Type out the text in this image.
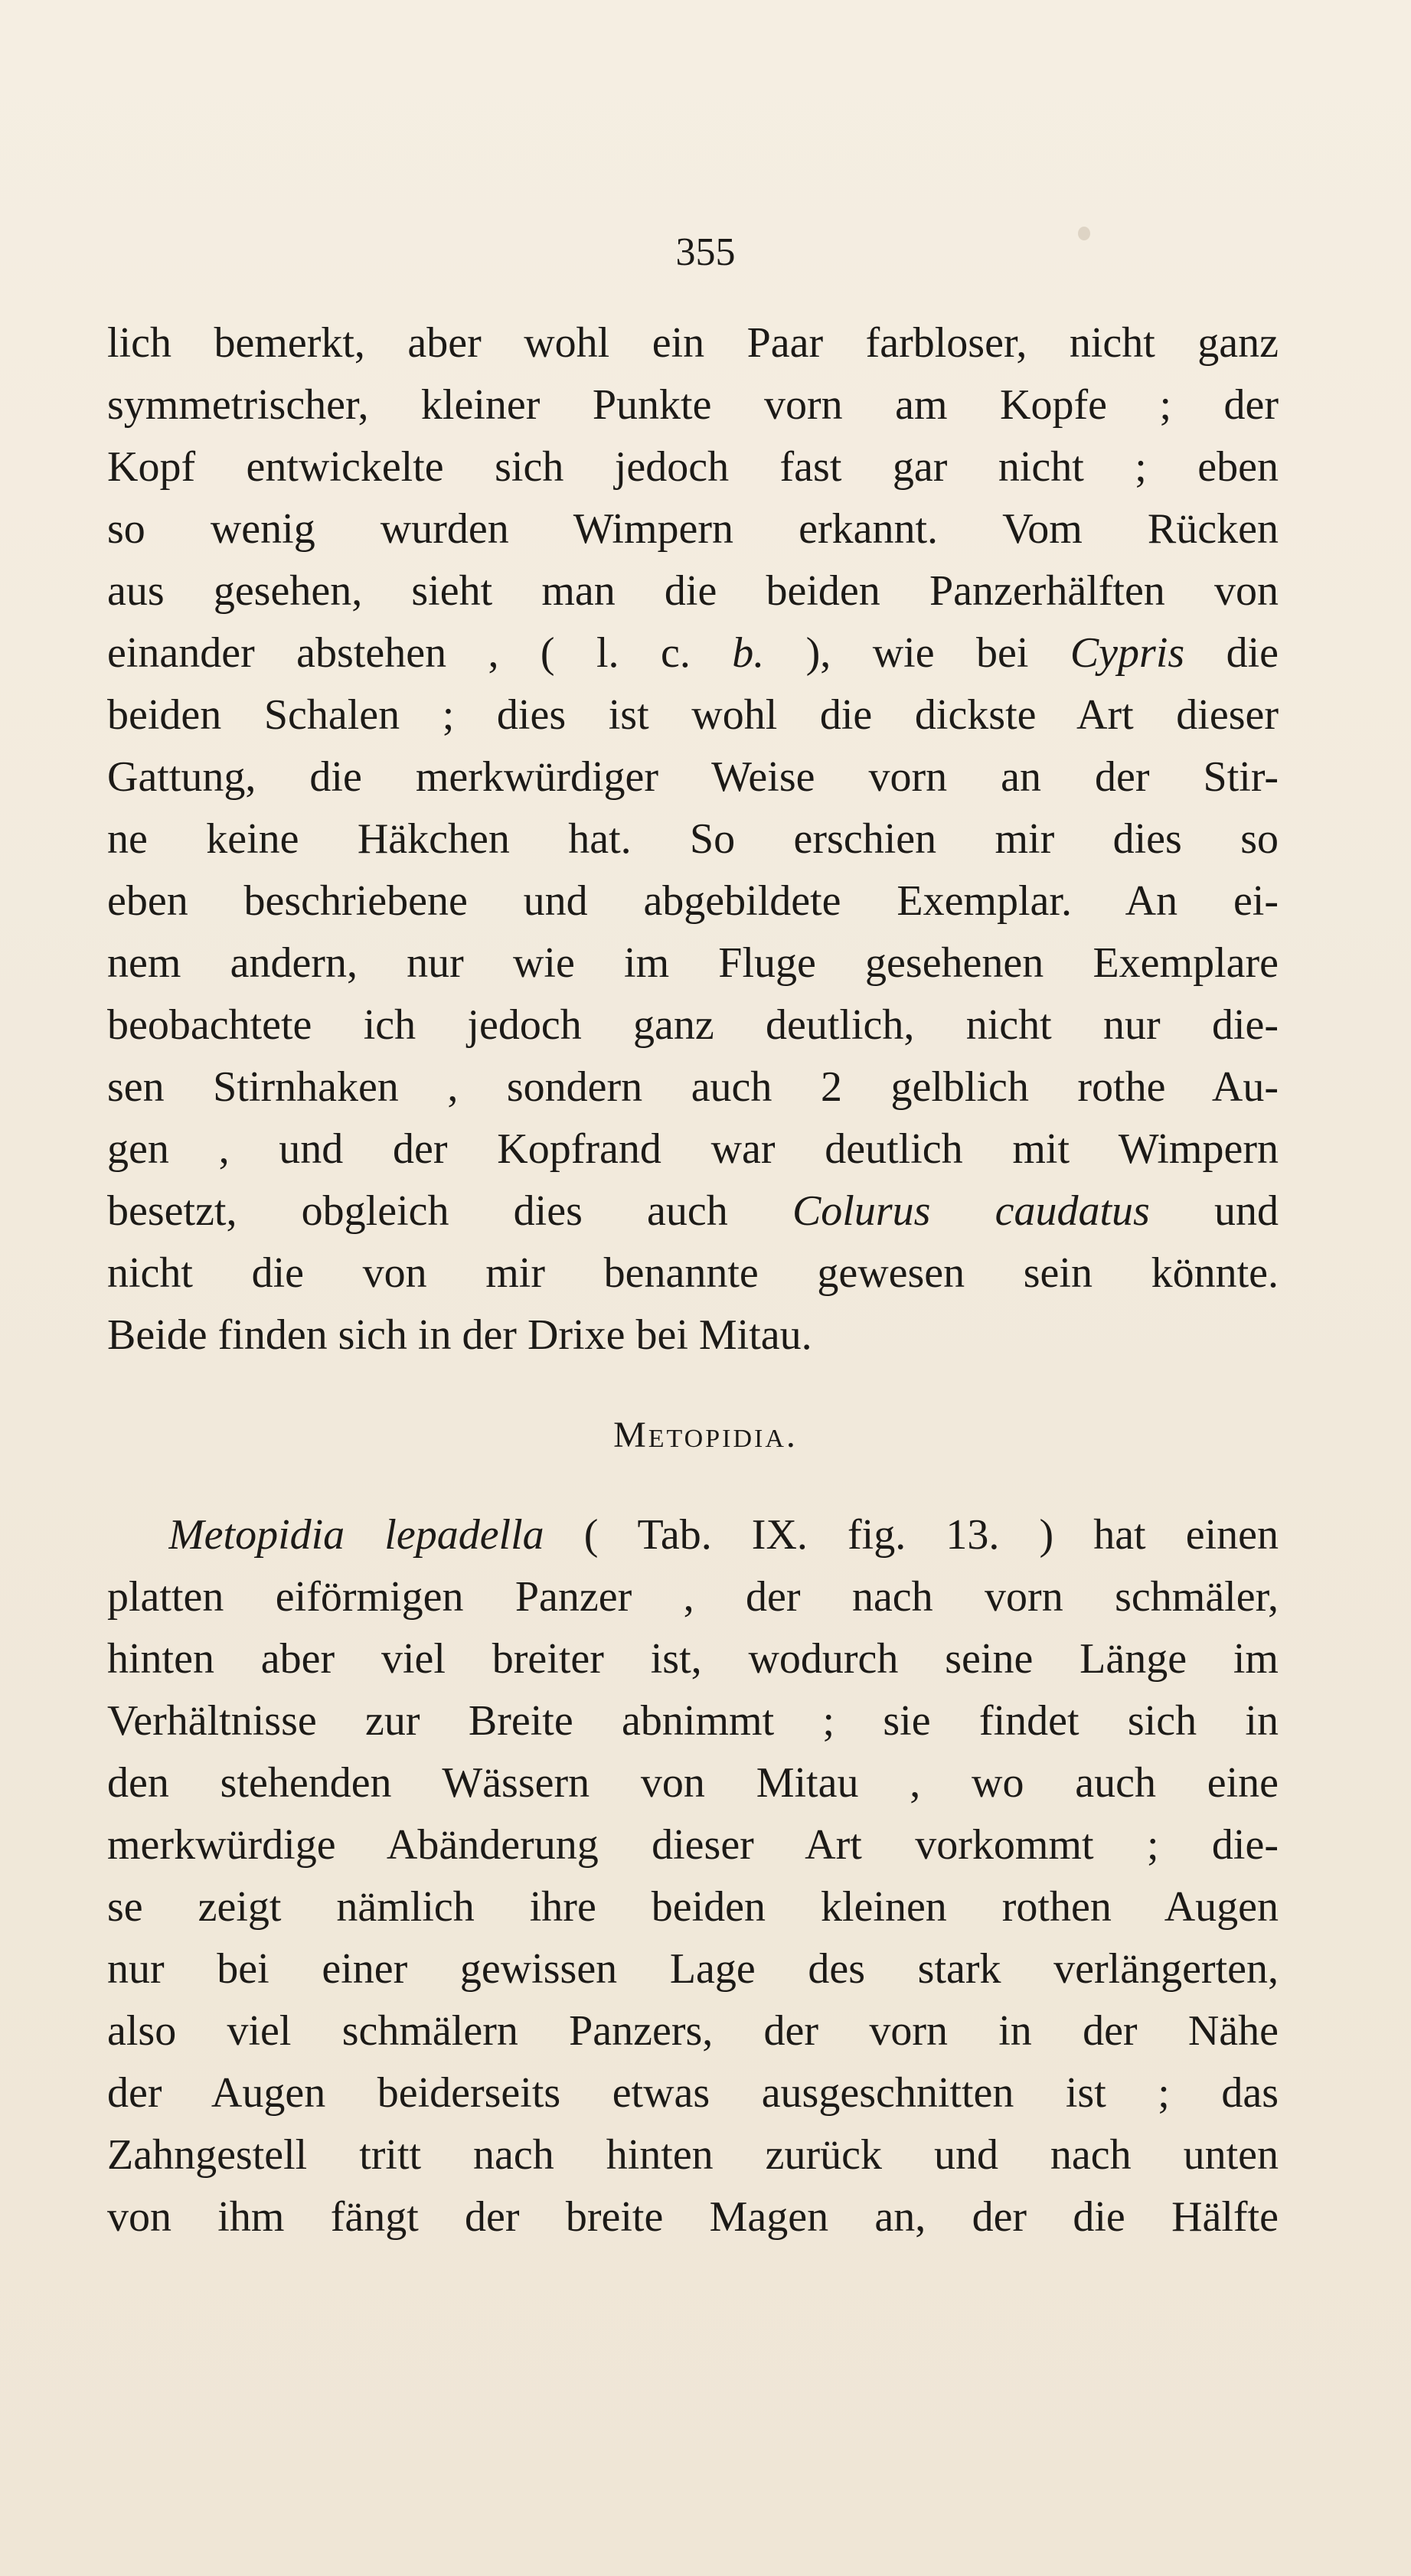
355
lich bemerkt, aber wohl ein Paar farbloser, nicht ganz
symmetrischer, kleiner Punkte vorn am Kopfe ; der
Kopf entwickelte sich jedoch fast gar nicht ; eben
so wenig wurden Wimpern erkannt. Vom Rücken
aus gesehen, sieht man die beiden Panzerhälften von
einander abstehen , ( l. c. b. ), wie bei Cypris die
beiden Schalen ; dies ist wohl die dickste Art dieser
Gattung, die merkwürdiger Weise vorn an der Stir-
ne keine Häkchen hat. So erschien mir dies so
eben beschriebene und abgebildete Exemplar. An ei-
nem andern, nur wie im Fluge gesehenen Exemplare
beobachtete ich jedoch ganz deutlich, nicht nur die-
sen Stirnhaken , sondern auch 2 gelblich rothe Au-
gen , und der Kopfrand war deutlich mit Wimpern
besetzt, obgleich dies auch Colurus caudatus und
nicht die von mir benannte gewesen sein könnte.
Beide finden sich in der Drixe bei Mitau.
Metopidia.
Metopidia lepadella ( Tab. IX. fig. 13. ) hat einen
platten eiförmigen Panzer , der nach vorn schmäler,
hinten aber viel breiter ist, wodurch seine Länge im
Verhältnisse zur Breite abnimmt ; sie findet sich in
den stehenden Wässern von Mitau , wo auch eine
merkwürdige Abänderung dieser Art vorkommt ; die-
se zeigt nämlich ihre beiden kleinen rothen Augen
nur bei einer gewissen Lage des stark verlängerten,
also viel schmälern Panzers, der vorn in der Nähe
der Augen beiderseits etwas ausgeschnitten ist ; das
Zahngestell tritt nach hinten zurück und nach unten
von ihm fängt der breite Magen an, der die Hälfte
